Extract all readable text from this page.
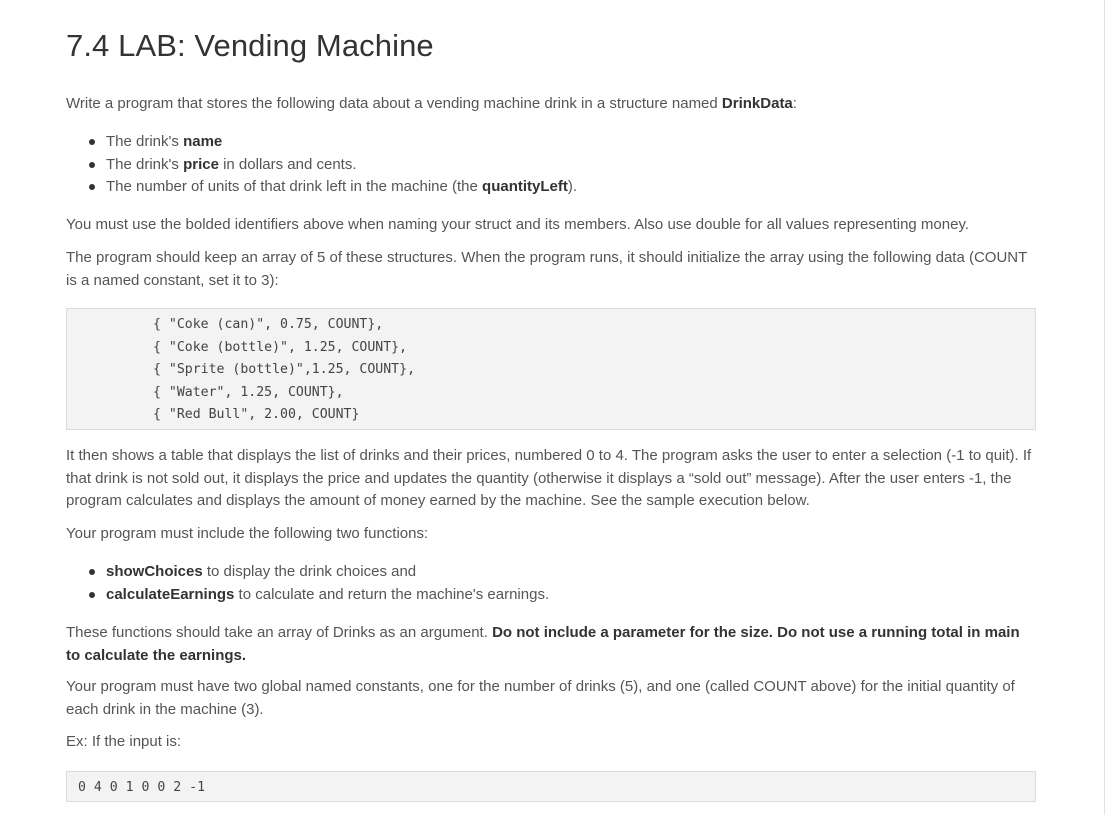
7.4 LAB: Vending Machine

Write a program that stores the following data about a vending machine drink in a structure named DrinkData:

The drink's name
The drink's price in dollars and cents.
The number of units of that drink left in the machine (the quantityLeft).

You must use the bolded identifiers above when naming your struct and its members. Also use double for all values representing money.

The program should keep an array of 5 of these structures. When the program runs, it should initialize the array using the following data (COUNT is a named constant, set it to 3):

{ "Coke (can)", 0.75, COUNT},
{ "Coke (bottle)", 1.25, COUNT},
{ "Sprite (bottle)",1.25, COUNT},
{ "Water", 1.25, COUNT},
{ "Red Bull", 2.00, COUNT}

It then shows a table that displays the list of drinks and their prices, numbered 0 to 4. The program asks the user to enter a selection (-1 to quit). If that drink is not sold out, it displays the price and updates the quantity (otherwise it displays a “sold out” message). After the user enters -1, the program calculates and displays the amount of money earned by the machine. See the sample execution below.

Your program must include the following two functions:

showChoices to display the drink choices and
calculateEarnings to calculate and return the machine's earnings.

These functions should take an array of Drinks as an argument. Do not include a parameter for the size. Do not use a running total in main to calculate the earnings.

Your program must have two global named constants, one for the number of drinks (5), and one (called COUNT above) for the initial quantity of each drink in the machine (3).

Ex: If the input is:

0 4 0 1 0 0 2 -1
